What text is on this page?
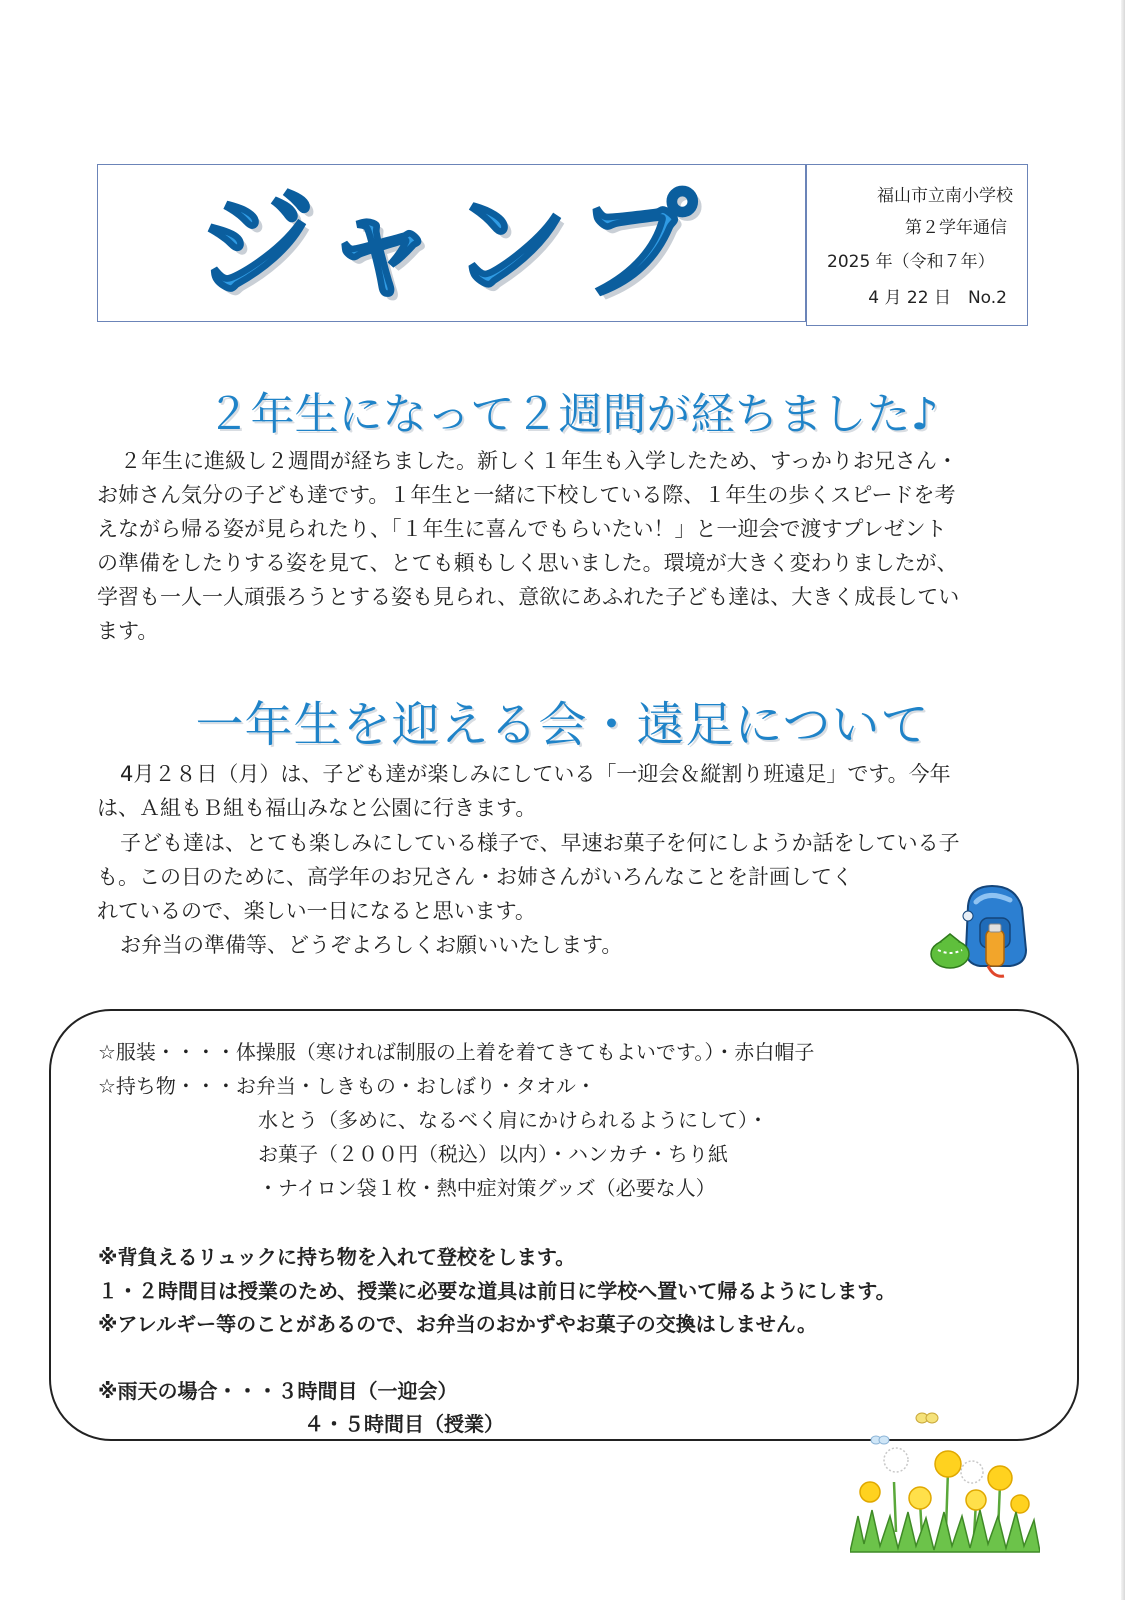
ジャンプ	福山市立南小学校
第２学年通信
2025 年（令和７年）
4 月 22 日　No.2
２年生になって２週間が経ちました♪
２年生に進級し２週間が経ちました。新しく１年生も入学したため、すっかりお兄さん・
お姉さん気分の子ども達です。１年生と一緒に下校している際、１年生の歩くスピードを考
えながら帰る姿が見られたり、「１年生に喜んでもらいたい！」と一迎会で渡すプレゼント
の準備をしたりする姿を見て、とても頼もしく思いました。環境が大きく変わりましたが、
学習も一人一人頑張ろうとする姿も見られ、意欲にあふれた子ども達は、大きく成長してい
ます。
一年生を迎える会・遠足について
4月２８日（月）は、子ども達が楽しみにしている「一迎会＆縦割り班遠足」です。今年
は、Ａ組もＢ組も福山みなと公園に行きます。
子ども達は、とても楽しみにしている様子で、早速お菓子を何にしようか話をしている子
も。この日のために、高学年のお兄さん・お姉さんがいろんなことを計画してく
れているので、楽しい一日になると思います。
お弁当の準備等、どうぞよろしくお願いいたします。
☆服装・・・・体操服（寒ければ制服の上着を着てきてもよいです。）・赤白帽子
☆持ち物・・・お弁当・しきもの・おしぼり・タオル・
水とう（多めに、なるべく肩にかけられるようにして）・
お菓子（２００円（税込）以内）・ハンカチ・ちり紙
・ナイロン袋１枚・熱中症対策グッズ（必要な人）
※背負えるリュックに持ち物を入れて登校をします。
１・２時間目は授業のため、授業に必要な道具は前日に学校へ置いて帰るようにします。
※アレルギー等のことがあるので、お弁当のおかずやお菓子の交換はしません。
※雨天の場合・・・３時間目（一迎会）
４・５時間目（授業）
